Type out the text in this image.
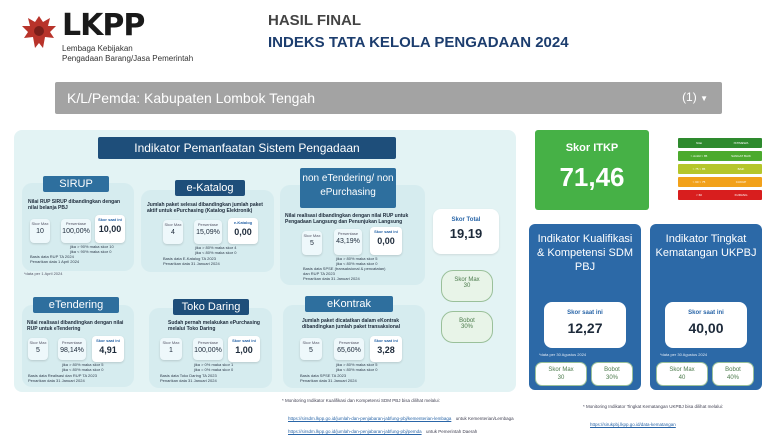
LKPP
Lembaga Kebijakan
Pengadaan Barang/Jasa Pemerintah
HASIL FINAL
INDEKS TATA KELOLA PENGADAAN 2024
K/L/Pemda: Kabupaten Lombok Tengah	(1) ▼
Indikator Pemanfaatan Sistem Pengadaan
SIRUP
Nilai RUP SIRUP dibandingkan dengan nilai belanja PBJ
Skor Max
10
Persentase
100,00%
Skor saat ini
10,00
jika > 90% maka skor 10
jika < 90% maka skor 0
Basis data RUP TA 2024
Penarikan data 1 April 2024
*data per 1 April 2024
e-Katalog
Jumlah paket selesai dibandingkan jumlah paket aktif untuk ePurchasing (Katalog Elektronik)
Skor Max
4
Persentase
15,09%
e-Katalog
0,00
jika > 80% maka skor 4
jika < 80% maka skor 0
Basis data E-Katalog TA 2023
Penarikan data 31 Januari 2024
non eTendering/ non ePurchasing
Nilai realisasi dibandingkan dengan nilai RUP untuk Pengadaan Langsung dan Penunjukan Langsung
Skor Max
5
Persentase
43,19%
Skor saat ini
0,00
jika > 80% maka skor 5
jika < 80% maka skor 0
Basis data SPSE (transaksional & pencatatan)
dan RUP TA 2023
Penarikan data 31 Januari 2024
eTendering
Nilai realisasi dibandingkan dengan nilai RUP untuk eTendering
Skor Max
5
Persentase
98,14%
Skor saat ini
4,91
jika > 80% maka skor 5
jika < 80% maka skor 0
Basis data Realisasi dan RUP TA 2023
Penarikan data 31 Januari 2024
Toko Daring
Sudah pernah melakukan ePurchasing melalui Toko Daring
Skor Max
1
Persentase
100,00%
Skor saat ini
1,00
jika > 0% maka skor 1
jika = 0% maka skor 0
Basis data Toko Daring TA 2023
Penarikan data 31 Januari 2024
eKontrak
Jumlah paket dicatatkan dalam eKontrak dibandingkan jumlah paket transaksional
Skor Max
5
Persentase
65,60%
Skor saat ini
3,28
jika > 80% maka skor 5
jika < 80% maka skor 0
Basis data SPSE TA 2023
Penarikan data 31 Januari 2024
Skor Total
19,19
Skor Max
30
Bobot
30%
Skor ITKP
71,46
Nilai	ISTIMEWA
> Ambil > 85	SANGAT BAIK
> 75 > 85	BAIK
> 60 > 75	CUKUP
< 60	KURANG
Indikator Kualifikasi & Kompetensi SDM PBJ
Skor saat ini
12,27
*data per 30 Agustus 2024
Skor Max
30
Bobot
30%
Indikator Tingkat Kematangan UKPBJ
Skor saat ini
40,00
*data per 30 Agustus 2024
Skor Max
40
Bobot
40%
* Monitoring Indikator Kualifikasi dan Kompetensi SDM PBJ bisa dilihat melalui:
https://sirsdm.lkpp.go.id/jumlah-dan-penjabaran-jabfung-pbj/kementerian-lembaga untuk Kementerian/Lembaga
https://sirsdm.lkpp.go.id/jumlah-dan-penjabaran-jabfung-pbj/pemda untuk Pemerintah Daerah
* Monitoring Indikator Tingkat Kematangan UKPBJ bisa dilihat melalui:
https://sirukpbj.lkpp.go.id/data-kematangan
